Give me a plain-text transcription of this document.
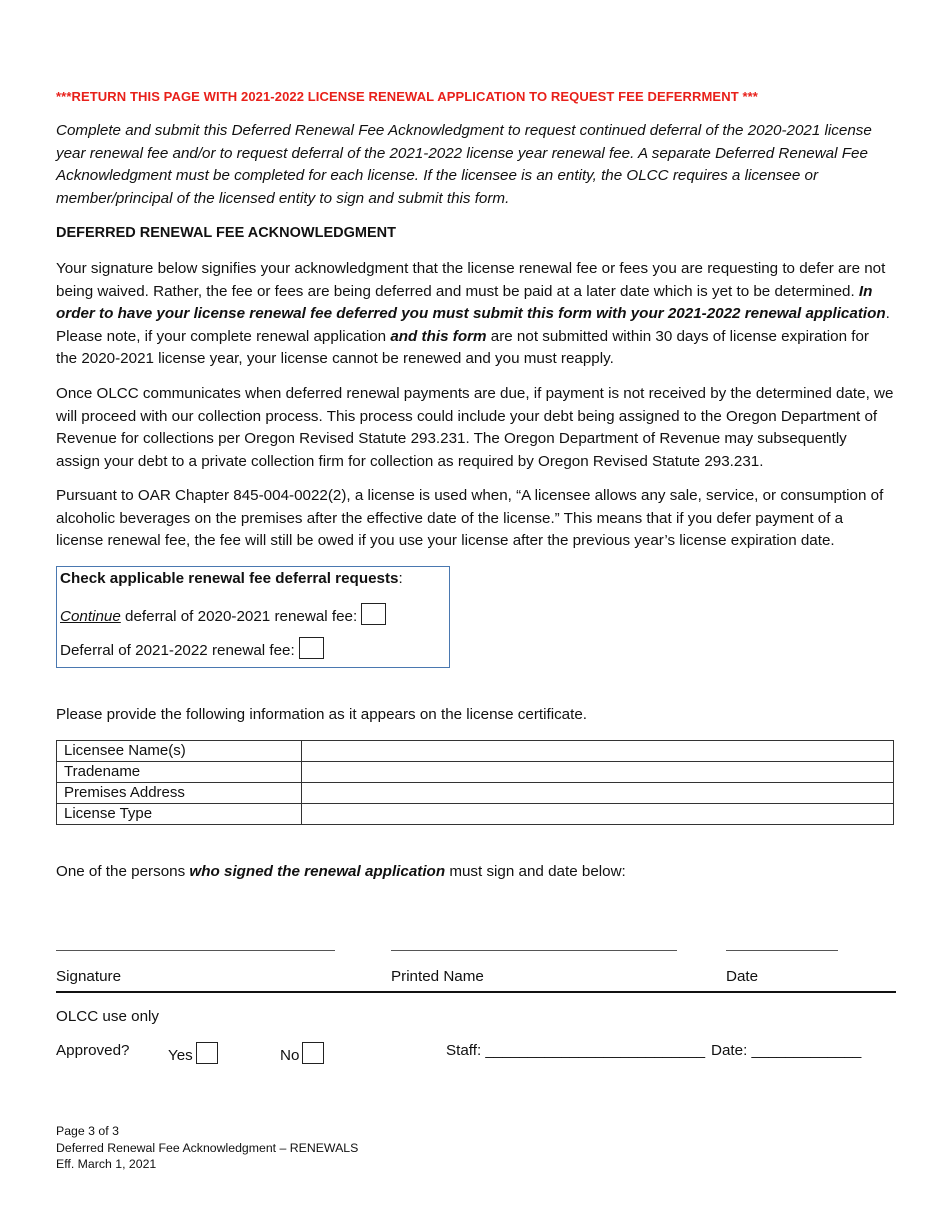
***RETURN THIS PAGE WITH 2021-2022 LICENSE RENEWAL APPLICATION TO REQUEST FEE DEFERRMENT ***

Complete and submit this Deferred Renewal Fee Acknowledgment to request continued deferral of the 2020-2021 license year renewal fee and/or to request deferral of the 2021-2022 license year renewal fee. A separate Deferred Renewal Fee Acknowledgment must be completed for each license. If the licensee is an entity, the OLCC requires a licensee or member/principal of the licensed entity to sign and submit this form.

DEFERRED RENEWAL FEE ACKNOWLEDGMENT

Your signature below signifies your acknowledgment that the license renewal fee or fees you are requesting to defer are not being waived. Rather, the fee or fees are being deferred and must be paid at a later date which is yet to be determined. In order to have your license renewal fee deferred you must submit this form with your 2021-2022 renewal application. Please note, if your complete renewal application and this form are not submitted within 30 days of license expiration for the 2020-2021 license year, your license cannot be renewed and you must reapply.

Once OLCC communicates when deferred renewal payments are due, if payment is not received by the determined date, we will proceed with our collection process. This process could include your debt being assigned to the Oregon Department of Revenue for collections per Oregon Revised Statute 293.231. The Oregon Department of Revenue may subsequently assign your debt to a private collection firm for collection as required by Oregon Revised Statute 293.231.

Pursuant to OAR Chapter 845-004-0022(2), a license is used when, “A licensee allows any sale, service, or consumption of alcoholic beverages on the premises after the effective date of the license.” This means that if you defer payment of a license renewal fee, the fee will still be owed if you use your license after the previous year’s license expiration date.

Check applicable renewal fee deferral requests:
Continue deferral of 2020-2021 renewal fee:
Deferral of 2021-2022 renewal fee:
Please provide the following information as it appears on the license certificate.
Licensee Name(s)	
Tradename	
Premises Address	
License Type	
One of the persons who signed the renewal application must sign and date below:
Signature	Printed Name	Date
OLCC use only
Approved?	Yes	No	Staff: __________________________ Date: _____________
Page 3 of 3
Deferred Renewal Fee Acknowledgment – RENEWALS
Eff. March 1, 2021
